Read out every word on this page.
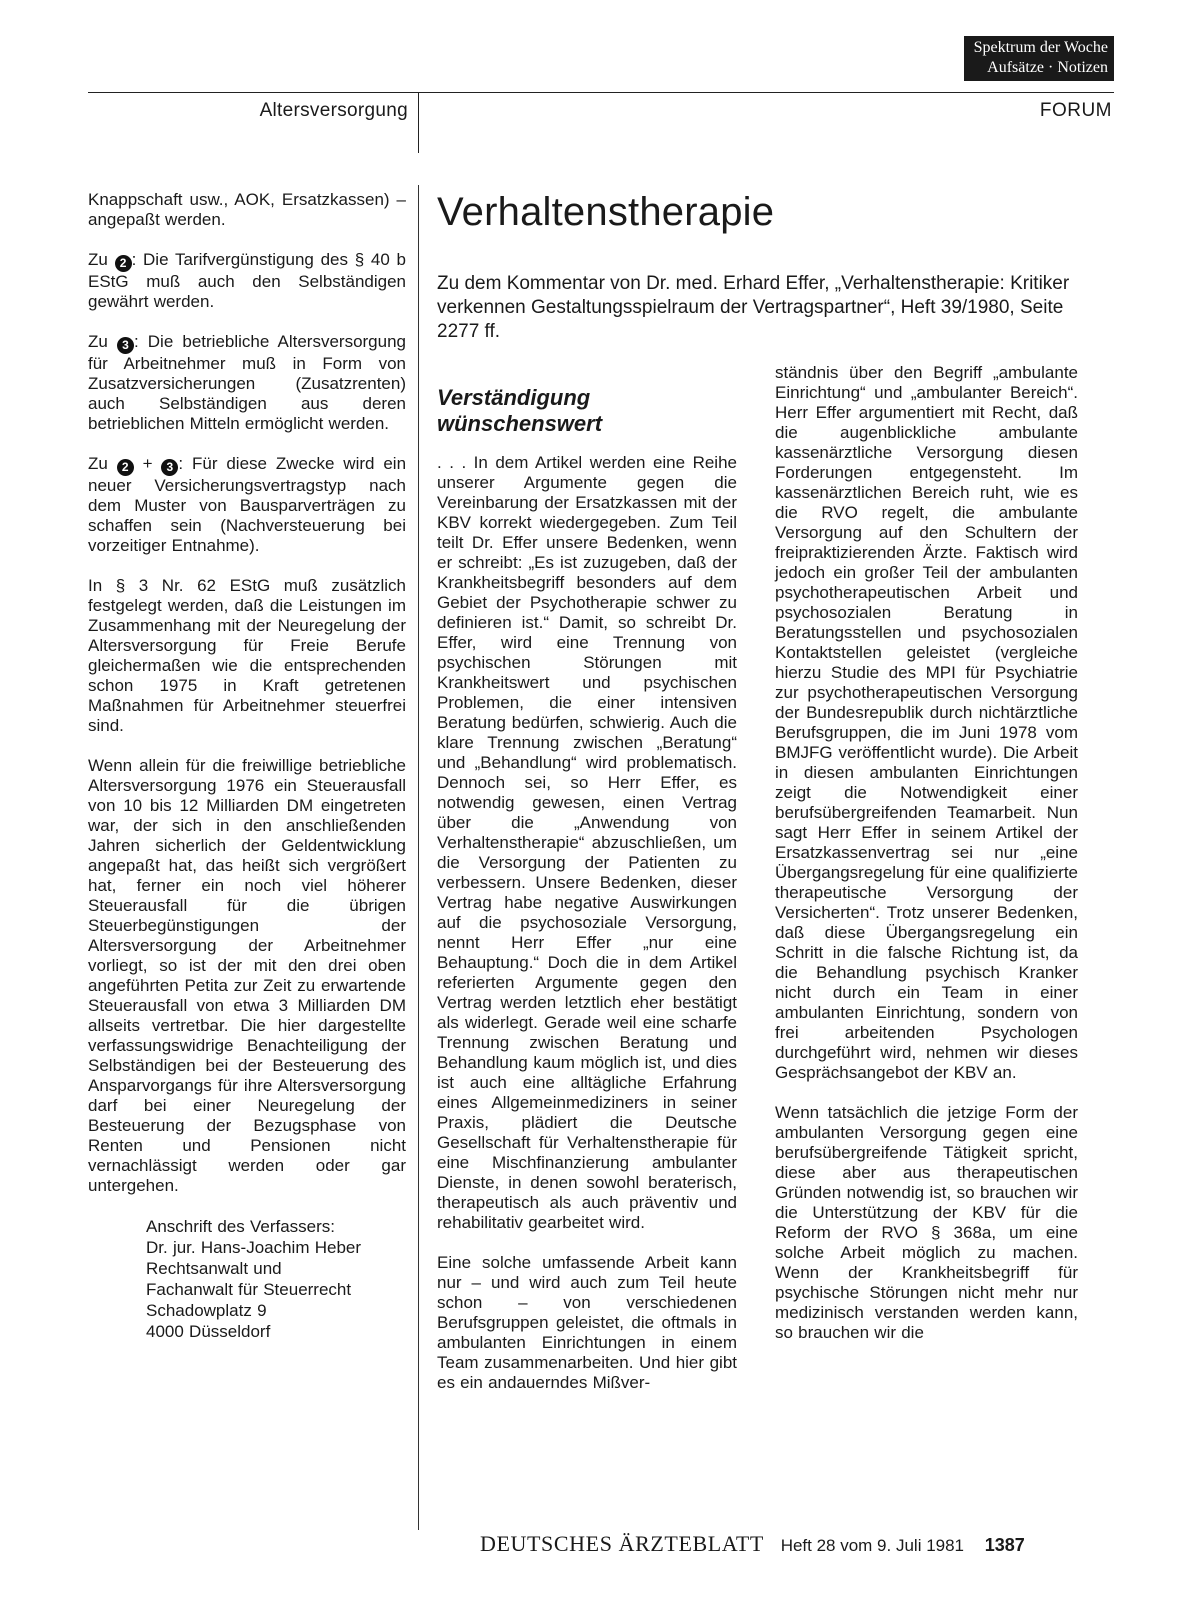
Spektrum der Woche
Aufsätze · Notizen
Altersversorgung	FORUM

Knappschaft usw., AOK, Ersatzkassen) – angepaßt werden.

Zu 2 : Die Tarifvergünstigung des § 40 b EStG muß auch den Selbständigen gewährt werden.

Zu 3 : Die betriebliche Altersversorgung für Arbeitnehmer muß in Form von Zusatzversicherungen (Zusatzrenten) auch Selbständigen aus deren betrieblichen Mitteln ermöglicht werden.

Zu 2 + 3 : Für diese Zwecke wird ein neuer Versicherungsvertragstyp nach dem Muster von Bausparverträgen zu schaffen sein (Nachversteuerung bei vorzeitiger Entnahme).

In § 3 Nr. 62 EStG muß zusätzlich festgelegt werden, daß die Leistungen im Zusammenhang mit der Neuregelung der Altersversorgung für Freie Berufe gleichermaßen wie die entsprechenden schon 1975 in Kraft getretenen Maßnahmen für Arbeitnehmer steuerfrei sind.

Wenn allein für die freiwillige betriebliche Altersversorgung 1976 ein Steuerausfall von 10 bis 12 Milliarden DM eingetreten war, der sich in den anschließenden Jahren sicherlich der Geldentwicklung angepaßt hat, das heißt sich vergrößert hat, ferner ein noch viel höherer Steuerausfall für die übrigen Steuerbegünstigungen der Altersversorgung der Arbeitnehmer vorliegt, so ist der mit den drei oben angeführten Petita zur Zeit zu erwartende Steuerausfall von etwa 3 Milliarden DM allseits vertretbar. Die hier dargestellte verfassungswidrige Benachteiligung der Selbständigen bei der Besteuerung des Ansparvorgangs für ihre Altersversorgung darf bei einer Neuregelung der Besteuerung der Bezugsphase von Renten und Pensionen nicht vernachlässigt werden oder gar untergehen.

Anschrift des Verfassers:
Dr. jur. Hans-Joachim Heber
Rechtsanwalt und
Fachanwalt für Steuerrecht
Schadowplatz 9
4000 Düsseldorf
Verhaltenstherapie
Zu dem Kommentar von Dr. med. Erhard Effer, „Verhaltenstherapie: Kritiker verkennen Gestaltungsspielraum der Vertragspartner“, Heft 39/1980, Seite 2277 ff.
Verständigung wünschenswert

. . . In dem Artikel werden eine Reihe unserer Argumente gegen die Vereinbarung der Ersatzkassen mit der KBV korrekt wiedergegeben. Zum Teil teilt Dr. Effer unsere Bedenken, wenn er schreibt: „Es ist zuzugeben, daß der Krankheitsbegriff besonders auf dem Gebiet der Psychotherapie schwer zu definieren ist.“ Damit, so schreibt Dr. Effer, wird eine Trennung von psychischen Störungen mit Krankheitswert und psychischen Problemen, die einer intensiven Beratung bedürfen, schwierig. Auch die klare Trennung zwischen „Beratung“ und „Behandlung“ wird problematisch. Dennoch sei, so Herr Effer, es notwendig gewesen, einen Vertrag über die „Anwendung von Verhaltenstherapie“ abzuschließen, um die Versorgung der Patienten zu verbessern. Unsere Bedenken, dieser Vertrag habe negative Auswirkungen auf die psychosoziale Versorgung, nennt Herr Effer „nur eine Behauptung.“ Doch die in dem Artikel referierten Argumente gegen den Vertrag werden letztlich eher bestätigt als widerlegt. Gerade weil eine scharfe Trennung zwischen Beratung und Behandlung kaum möglich ist, und dies ist auch eine alltägliche Erfahrung eines Allgemeinmediziners in seiner Praxis, plädiert die Deutsche Gesellschaft für Verhaltenstherapie für eine Mischfinanzierung ambulanter Dienste, in denen sowohl beraterisch, therapeutisch als auch präventiv und rehabilitativ gearbeitet wird.

Eine solche umfassende Arbeit kann nur – und wird auch zum Teil heute schon – von verschiedenen Berufsgruppen geleistet, die oftmals in ambulanten Einrichtungen in einem Team zusammenarbeiten. Und hier gibt es ein andauerndes Mißver-

ständnis über den Begriff „ambulante Einrichtung“ und „ambulanter Bereich“. Herr Effer argumentiert mit Recht, daß die augenblickliche ambulante kassenärztliche Versorgung diesen Forderungen entgegensteht. Im kassenärztlichen Bereich ruht, wie es die RVO regelt, die ambulante Versorgung auf den Schultern der freipraktizierenden Ärzte. Faktisch wird jedoch ein großer Teil der ambulanten psychotherapeutischen Arbeit und psychosozialen Beratung in Beratungsstellen und psychosozialen Kontaktstellen geleistet (vergleiche hierzu Studie des MPI für Psychiatrie zur psychotherapeutischen Versorgung der Bundesrepublik durch nichtärztliche Berufsgruppen, die im Juni 1978 vom BMJFG veröffentlicht wurde). Die Arbeit in diesen ambulanten Einrichtungen zeigt die Notwendigkeit einer berufsübergreifenden Teamarbeit. Nun sagt Herr Effer in seinem Artikel der Ersatzkassenvertrag sei nur „eine Übergangsregelung für eine qualifizierte therapeutische Versorgung der Versicherten“. Trotz unserer Bedenken, daß diese Übergangsregelung ein Schritt in die falsche Richtung ist, da die Behandlung psychisch Kranker nicht durch ein Team in einer ambulanten Einrichtung, sondern von frei arbeitenden Psychologen durchgeführt wird, nehmen wir dieses Gesprächsangebot der KBV an.

Wenn tatsächlich die jetzige Form der ambulanten Versorgung gegen eine berufsübergreifende Tätigkeit spricht, diese aber aus therapeutischen Gründen notwendig ist, so brauchen wir die Unterstützung der KBV für die Reform der RVO § 368a, um eine solche Arbeit möglich zu machen. Wenn der Krankheitsbegriff für psychische Störungen nicht mehr nur medizinisch verstanden werden kann, so brauchen wir die

DEUTSCHES ÄRZTEBLATT Heft 28 vom 9. Juli 1981 1387
